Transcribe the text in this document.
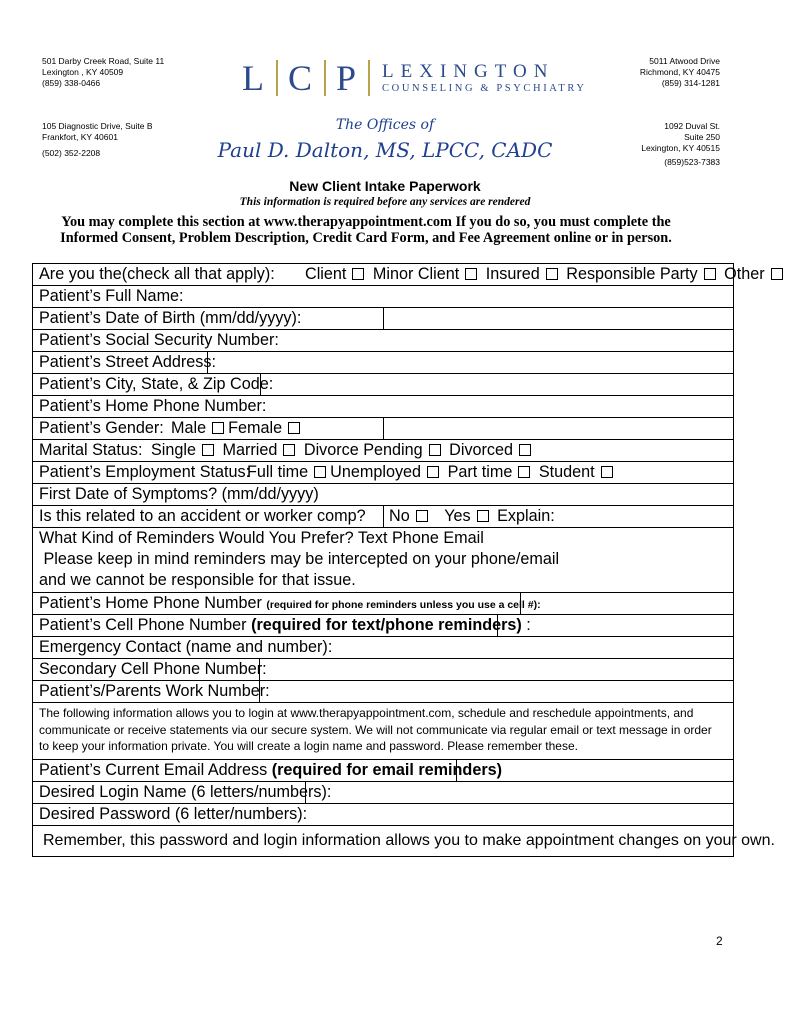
501 Darby Creek Road, Suite 11
Lexington , KY 40509
(859) 338-0466
5011 Atwood Drive
Richmond, KY 40475
(859) 314-1281
105 Diagnostic Drive, Suite B
Frankfort, KY 40601
(502) 352-2208
1092 Duval St.
Suite 250
Lexington, KY 40515
(859)523-7383
L C P LEXINGTON
COUNSELING & PSYCHIATRY
The Offices of
Paul D. Dalton, MS, LPCC, CADC
New Client Intake Paperwork
This information is required before any services are rendered
You may complete this section at www.therapyappointment.com If you do so, you must complete the Informed Consent, Problem Description, Credit Card Form, and Fee Agreement online or in person.
Are you the(check all that apply): Client Minor Client Insured Responsible Party Other
Patient’s Full Name:
Patient’s Date of Birth (mm/dd/yyyy):
Patient’s Social Security Number:
Patient’s Street Address:
Patient’s City, State, & Zip Code:
Patient’s Home Phone Number:
Patient’s Gender: Male Female
Marital Status: Single Married Divorce Pending Divorced
Patient’s Employment Status:
Full time Unemployed Part time Student
First Date of Symptoms? (mm/dd/yyyy)
Is this related to an accident or worker comp? No Yes Explain:
What Kind of Reminders Would You Prefer? Text Phone Email
Please keep in mind reminders may be intercepted on your phone/email
and we cannot be responsible for that issue.
Patient’s Home Phone Number (required for phone reminders unless you use a cell #):
Patient’s Cell Phone Number (required for text/phone reminders) :
Emergency Contact (name and number):
Secondary Cell Phone Number:
Patient’s/Parents Work Number:
The following information allows you to login at www.therapyappointment.com, schedule and reschedule appointments, and communicate or receive statements via our secure system. We will not communicate via regular email or text message in order to keep your information private. You will create a login name and password. Please remember these.
Patient’s Current Email Address (required for email reminders)
Desired Login Name (6 letters/numbers):
Desired Password (6 letter/numbers):
Remember, this password and login information allows you to make appointment changes on your own.
2
